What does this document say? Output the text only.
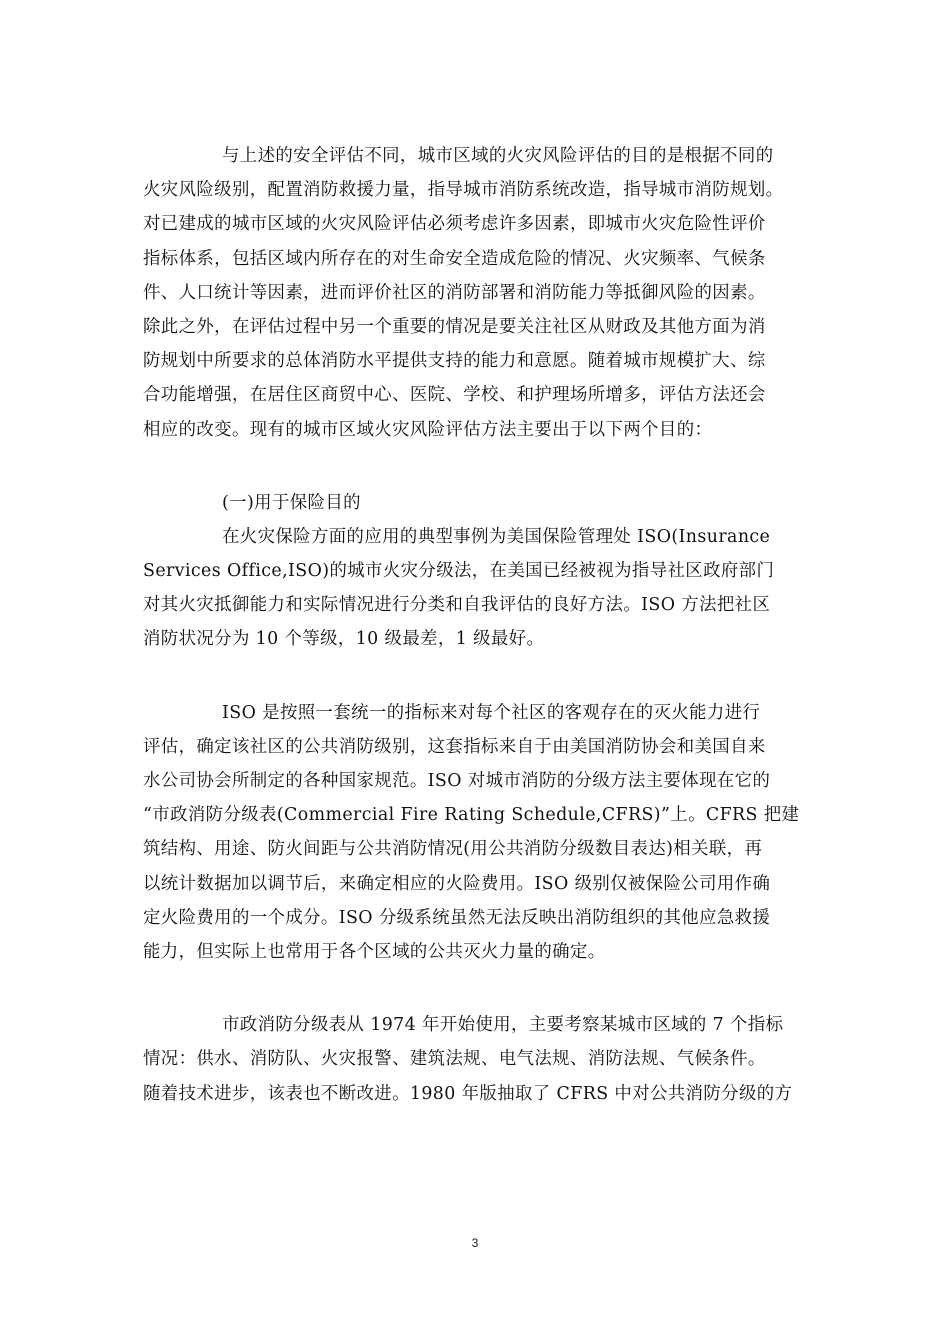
与上述的安全评估不同，城市区域的火灾风险评估的目的是根据不同的
火灾风险级别，配置消防救援力量，指导城市消防系统改造，指导城市消防规划。
对已建成的城市区域的火灾风险评估必须考虑许多因素，即城市火灾危险性评价
指标体系，包括区域内所存在的对生命安全造成危险的情况、火灾频率、气候条
件、人口统计等因素，进而评价社区的消防部署和消防能力等抵御风险的因素。
除此之外，在评估过程中另一个重要的情况是要关注社区从财政及其他方面为消
防规划中所要求的总体消防水平提供支持的能力和意愿。随着城市规模扩大、综
合功能增强，在居住区商贸中心、医院、学校、和护理场所增多，评估方法还会
相应的改变。现有的城市区域火灾风险评估方法主要出于以下两个目的：
(一)用于保险目的
在火灾保险方面的应用的典型事例为美国保险管理处 ISO(Insurance
Services Office,ISO)的城市火灾分级法，在美国已经被视为指导社区政府部门
对其火灾抵御能力和实际情况进行分类和自我评估的良好方法。ISO 方法把社区
消防状况分为 10 个等级，10 级最差，1 级最好。
ISO 是按照一套统一的指标来对每个社区的客观存在的灭火能力进行
评估，确定该社区的公共消防级别，这套指标来自于由美国消防协会和美国自来
水公司协会所制定的各种国家规范。ISO 对城市消防的分级方法主要体现在它的
“市政消防分级表(Commercial Fire Rating Schedule,CFRS)”上。CFRS 把建
筑结构、用途、防火间距与公共消防情况(用公共消防分级数目表达)相关联，再
以统计数据加以调节后，来确定相应的火险费用。ISO 级别仅被保险公司用作确
定火险费用的一个成分。ISO 分级系统虽然无法反映出消防组织的其他应急救援
能力，但实际上也常用于各个区域的公共灭火力量的确定。
市政消防分级表从 1974 年开始使用，主要考察某城市区域的 7 个指标
情况：供水、消防队、火灾报警、建筑法规、电气法规、消防法规、气候条件。
随着技术进步，该表也不断改进。1980 年版抽取了 CFRS 中对公共消防分级的方
3
